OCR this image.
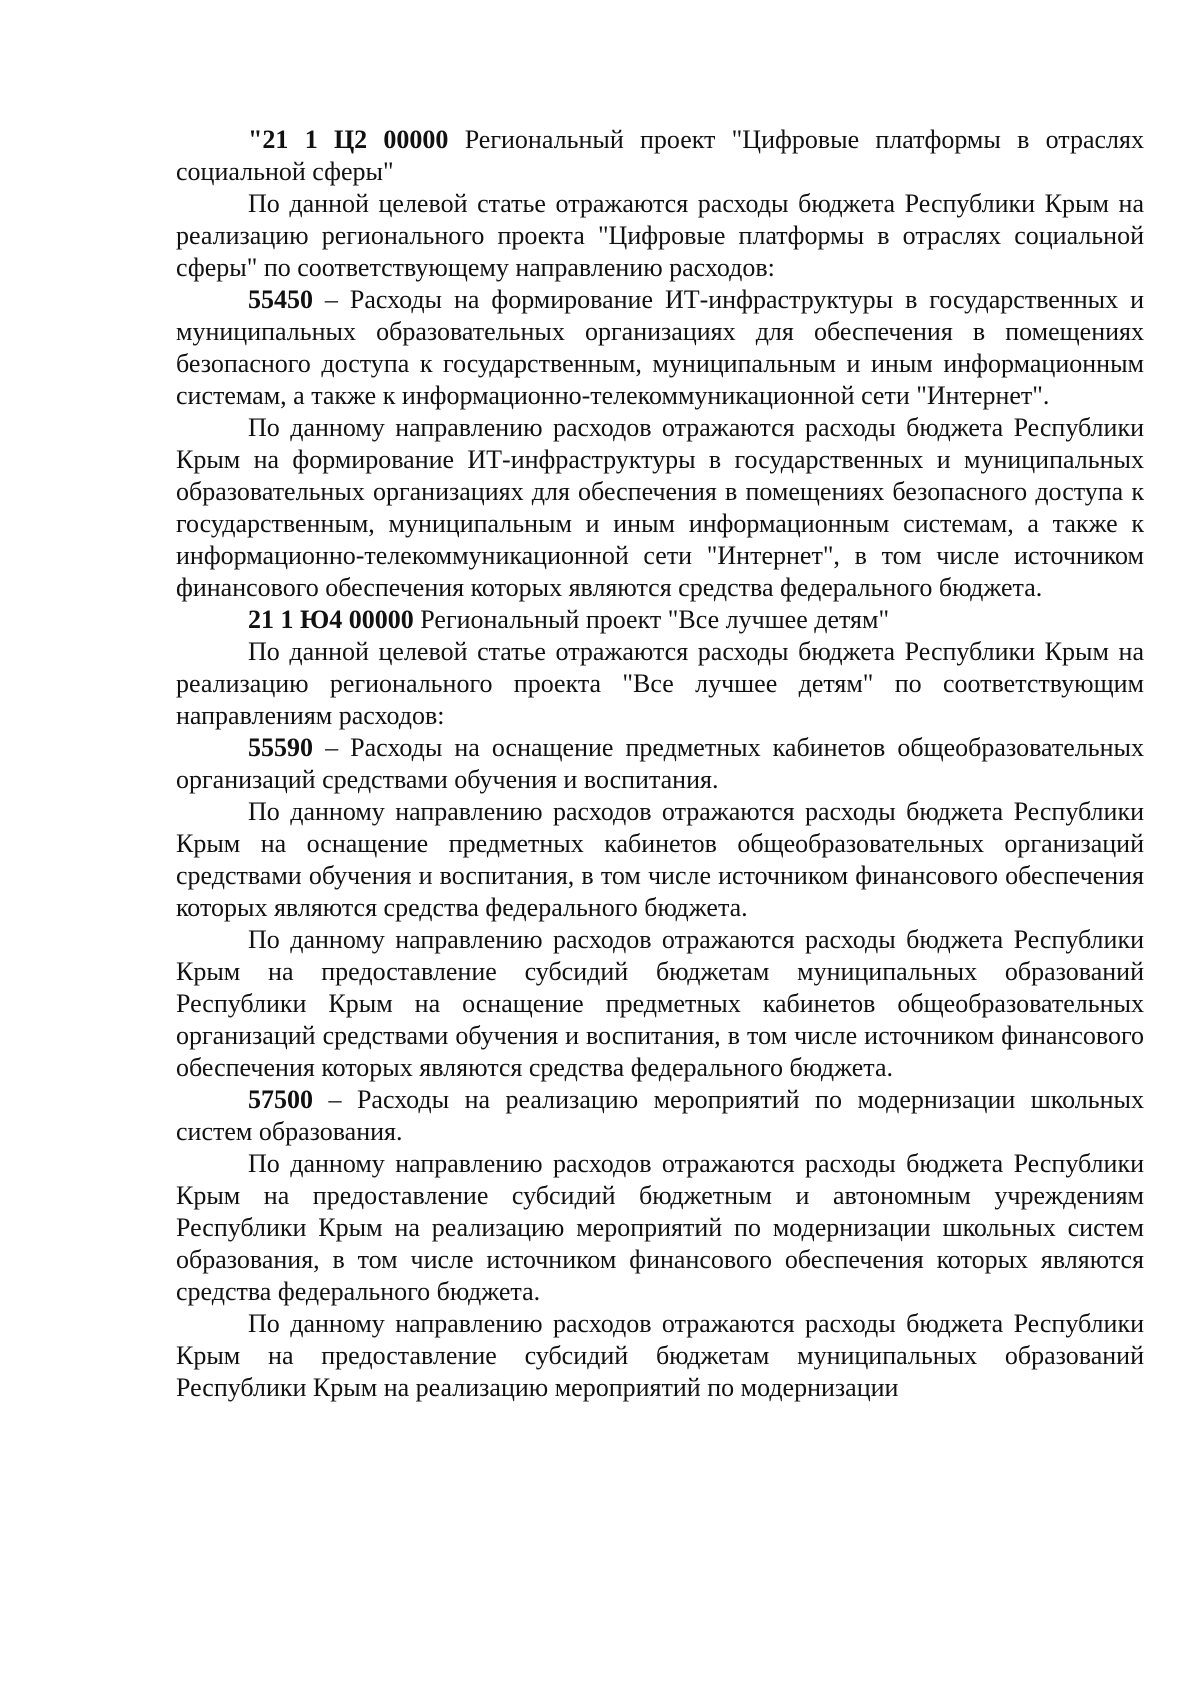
"21 1 Ц2 00000 Региональный проект "Цифровые платформы в отраслях социальной сферы"

По данной целевой статье отражаются расходы бюджета Республики Крым на реализацию регионального проекта "Цифровые платформы в отраслях социальной сферы" по соответствующему направлению расходов:

55450 – Расходы на формирование ИТ-инфраструктуры в государственных и муниципальных образовательных организациях для обеспечения в помещениях безопасного доступа к государственным, муниципальным и иным информационным системам, а также к информационно-телекоммуникационной сети "Интернет".

По данному направлению расходов отражаются расходы бюджета Республики Крым на формирование ИТ-инфраструктуры в государственных и муниципальных образовательных организациях для обеспечения в помещениях безопасного доступа к государственным, муниципальным и иным информационным системам, а также к информационно-телекоммуникационной сети "Интернет", в том числе источником финансового обеспечения которых являются средства федерального бюджета.

21 1 Ю4 00000 Региональный проект "Все лучшее детям"

По данной целевой статье отражаются расходы бюджета Республики Крым на реализацию регионального проекта "Все лучшее детям" по соответствующим направлениям расходов:

55590 – Расходы на оснащение предметных кабинетов общеобразовательных организаций средствами обучения и воспитания.

По данному направлению расходов отражаются расходы бюджета Республики Крым на оснащение предметных кабинетов общеобразовательных организаций средствами обучения и воспитания, в том числе источником финансового обеспечения которых являются средства федерального бюджета.

По данному направлению расходов отражаются расходы бюджета Республики Крым на предоставление субсидий бюджетам муниципальных образований Республики Крым на оснащение предметных кабинетов общеобразовательных организаций средствами обучения и воспитания, в том числе источником финансового обеспечения которых являются средства федерального бюджета.

57500 – Расходы на реализацию мероприятий по модернизации школьных систем образования.

По данному направлению расходов отражаются расходы бюджета Республики Крым на предоставление субсидий бюджетным и автономным учреждениям Республики Крым на реализацию мероприятий по модернизации школьных систем образования, в том числе источником финансового обеспечения которых являются средства федерального бюджета.

По данному направлению расходов отражаются расходы бюджета Республики Крым на предоставление субсидий бюджетам муниципальных образований Республики Крым на реализацию мероприятий по модернизации
